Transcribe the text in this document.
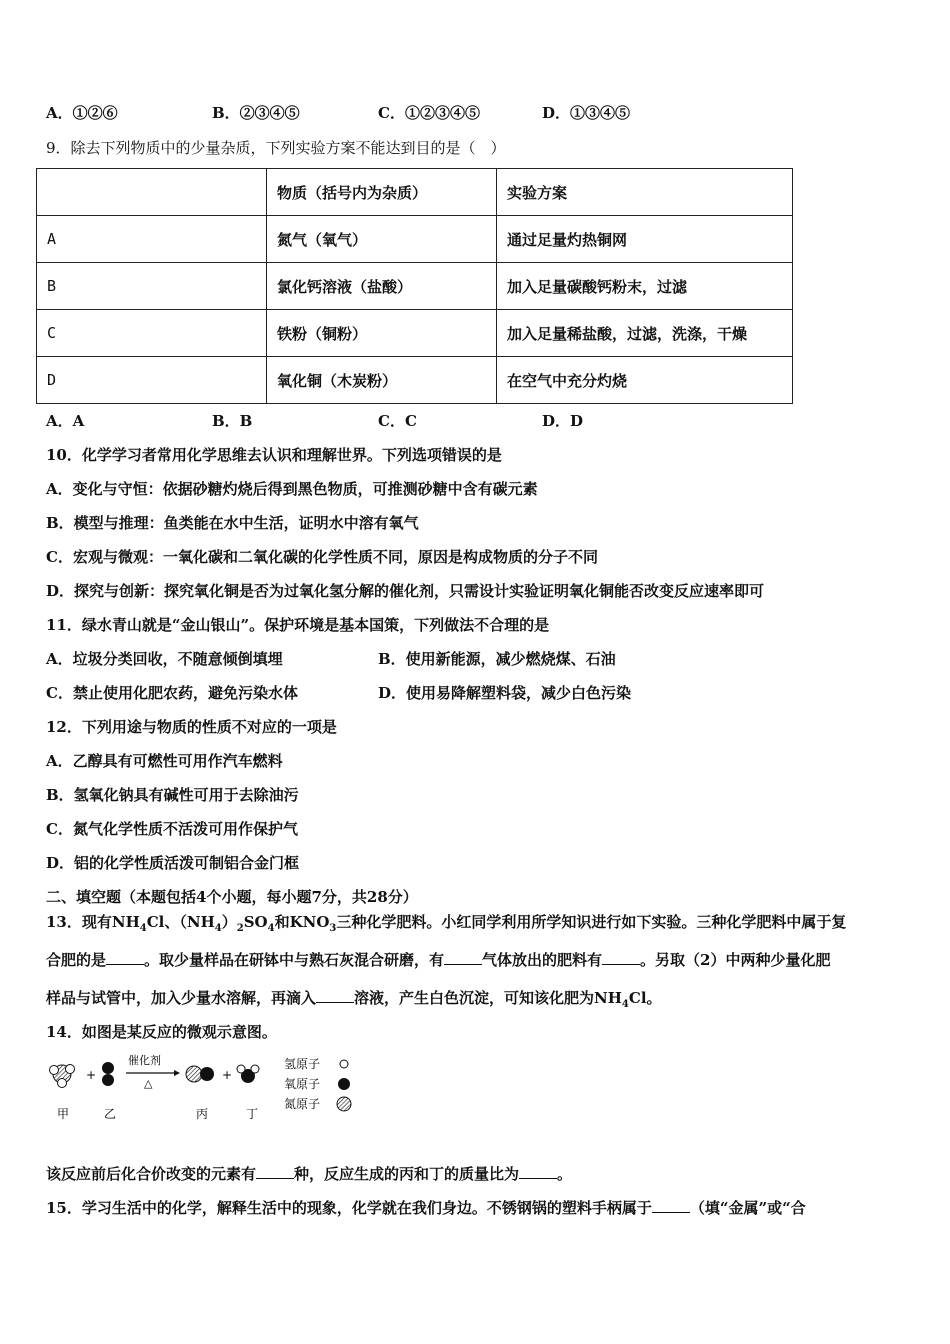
A．①②⑥	B．②③④⑤	C．①②③④⑤	D．①③④⑤
9．除去下列物质中的少量杂质，下列实验方案不能达到目的是（　）
	物质（括号内为杂质）	实验方案
A	氮气（氧气）	通过足量灼热铜网
B	氯化钙溶液（盐酸）	加入足量碳酸钙粉末，过滤
C	铁粉（铜粉）	加入足量稀盐酸，过滤，洗涤，干燥
D	氧化铜（木炭粉）	在空气中充分灼烧
A．A	B．B	C．C	D．D
10．化学学习者常用化学思维去认识和理解世界。下列选项错误的是
A．变化与守恒：依据砂糖灼烧后得到黑色物质，可推测砂糖中含有碳元素
B．模型与推理：鱼类能在水中生活，证明水中溶有氧气
C．宏观与微观：一氧化碳和二氧化碳的化学性质不同，原因是构成物质的分子不同
D．探究与创新：探究氧化铜是否为过氧化氢分解的催化剂，只需设计实验证明氧化铜能否改变反应速率即可
11．绿水青山就是“金山银山”。保护环境是基本国策，下列做法不合理的是
A．垃圾分类回收，不随意倾倒填埋	B．使用新能源，减少燃烧煤、石油
C．禁止使用化肥农药，避免污染水体	D．使用易降解塑料袋，减少白色污染
12．下列用途与物质的性质不对应的一项是
A．乙醇具有可燃性可用作汽车燃料
B．氢氧化钠具有碱性可用于去除油污
C．氮气化学性质不活泼可用作保护气
D．铝的化学性质活泼可制铝合金门框
二、填空题（本题包括4个小题，每小题7分，共28分）
13．现有$NH_4Cl$、$(NH_4)_2SO_4$和$KNO_3$三种化学肥料。小红同学利用所学知识进行如下实验。三种化学肥料中属于复
合肥的是	。取少量样品在研钵中与熟石灰混合研磨，有	气体放出的肥料有	。另取（2）中两种少量化肥
样品与试管中，加入少量水溶解，再滴入	溶液，产生白色沉淀，可知该化肥为$NH_4Cl$。
14．如图是某反应的微观示意图。
+
催化剂
△
+
甲	乙	丙	丁
氢原子
氧原子
氮原子
该反应前后化合价改变的元素有	种，反应生成的丙和丁的质量比为	。
15．学习生活中的化学，解释生活中的现象，化学就在我们身边。不锈钢锅的塑料手柄属于	（填“金属”或“合
